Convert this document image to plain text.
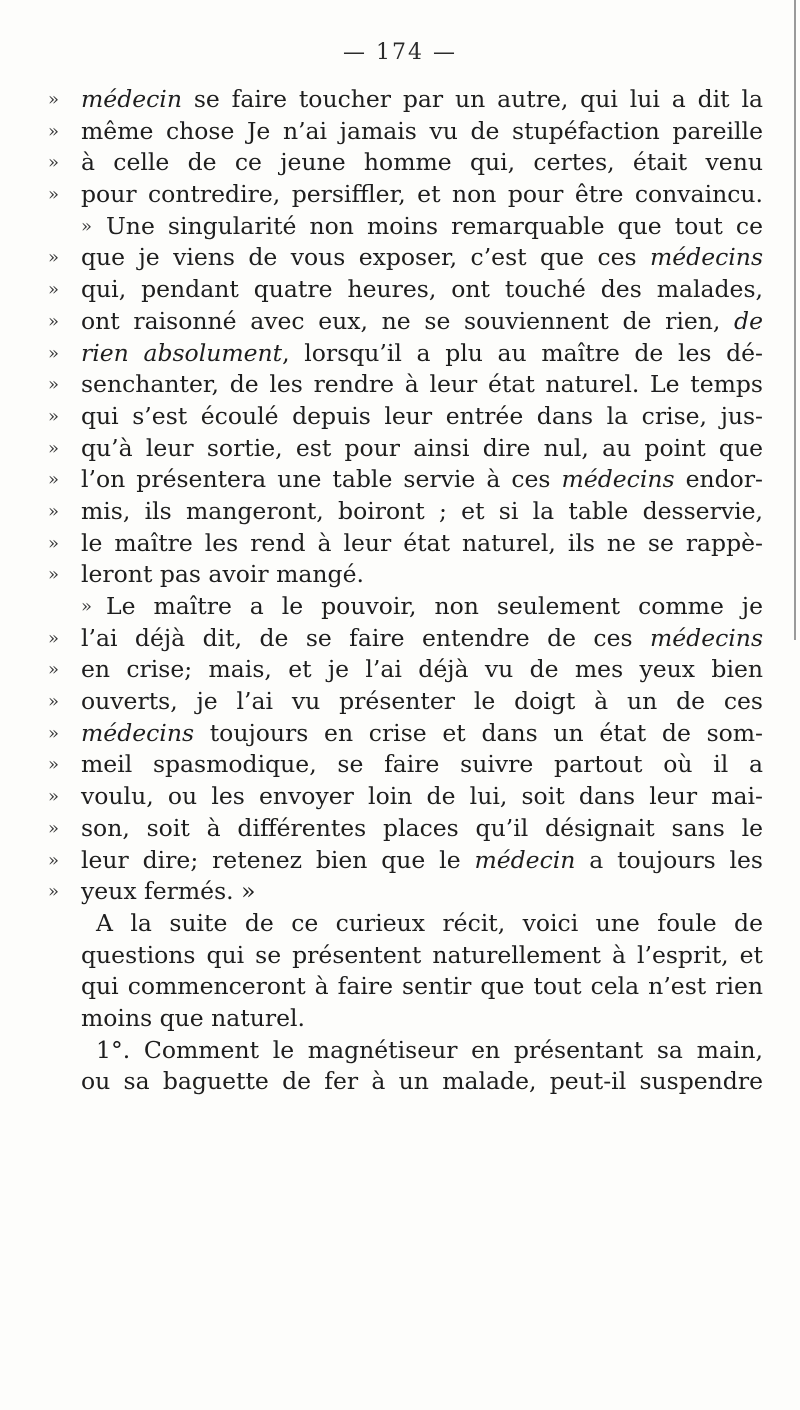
— 174 —
» médecin se faire toucher par un autre, qui lui a dit la
» même chose Je n’ai jamais vu de stupéfaction pareille
» à celle de ce jeune homme qui, certes, était venu
» pour contredire, persiffler, et non pour être convaincu.
» Une singularité non moins remarquable que tout ce
» que je viens de vous exposer, c’est que ces médecins
» qui, pendant quatre heures, ont touché des malades,
» ont raisonné avec eux, ne se souviennent de rien, de
» rien absolument, lorsqu’il a plu au maître de les dé-
» senchanter, de les rendre à leur état naturel. Le temps
» qui s’est écoulé depuis leur entrée dans la crise, jus-
» qu’à leur sortie, est pour ainsi dire nul, au point que
» l’on présentera une table servie à ces médecins endor-
» mis, ils mangeront, boiront ; et si la table desservie,
» le maître les rend à leur état naturel, ils ne se rappè-
» leront pas avoir mangé.
» Le maître a le pouvoir, non seulement comme je
» l’ai déjà dit, de se faire entendre de ces médecins
» en crise; mais, et je l’ai déjà vu de mes yeux bien
» ouverts, je l’ai vu présenter le doigt à un de ces
» médecins toujours en crise et dans un état de som-
» meil spasmodique, se faire suivre partout où il a
» voulu, ou les envoyer loin de lui, soit dans leur mai-
» son, soit à différentes places qu’il désignait sans le
» leur dire; retenez bien que le médecin a toujours les
» yeux fermés. »
A la suite de ce curieux récit, voici une foule de
questions qui se présentent naturellement à l’esprit, et
qui commenceront à faire sentir que tout cela n’est rien
moins que naturel.
1°. Comment le magnétiseur en présentant sa main,
ou sa baguette de fer à un malade, peut-il suspendre
